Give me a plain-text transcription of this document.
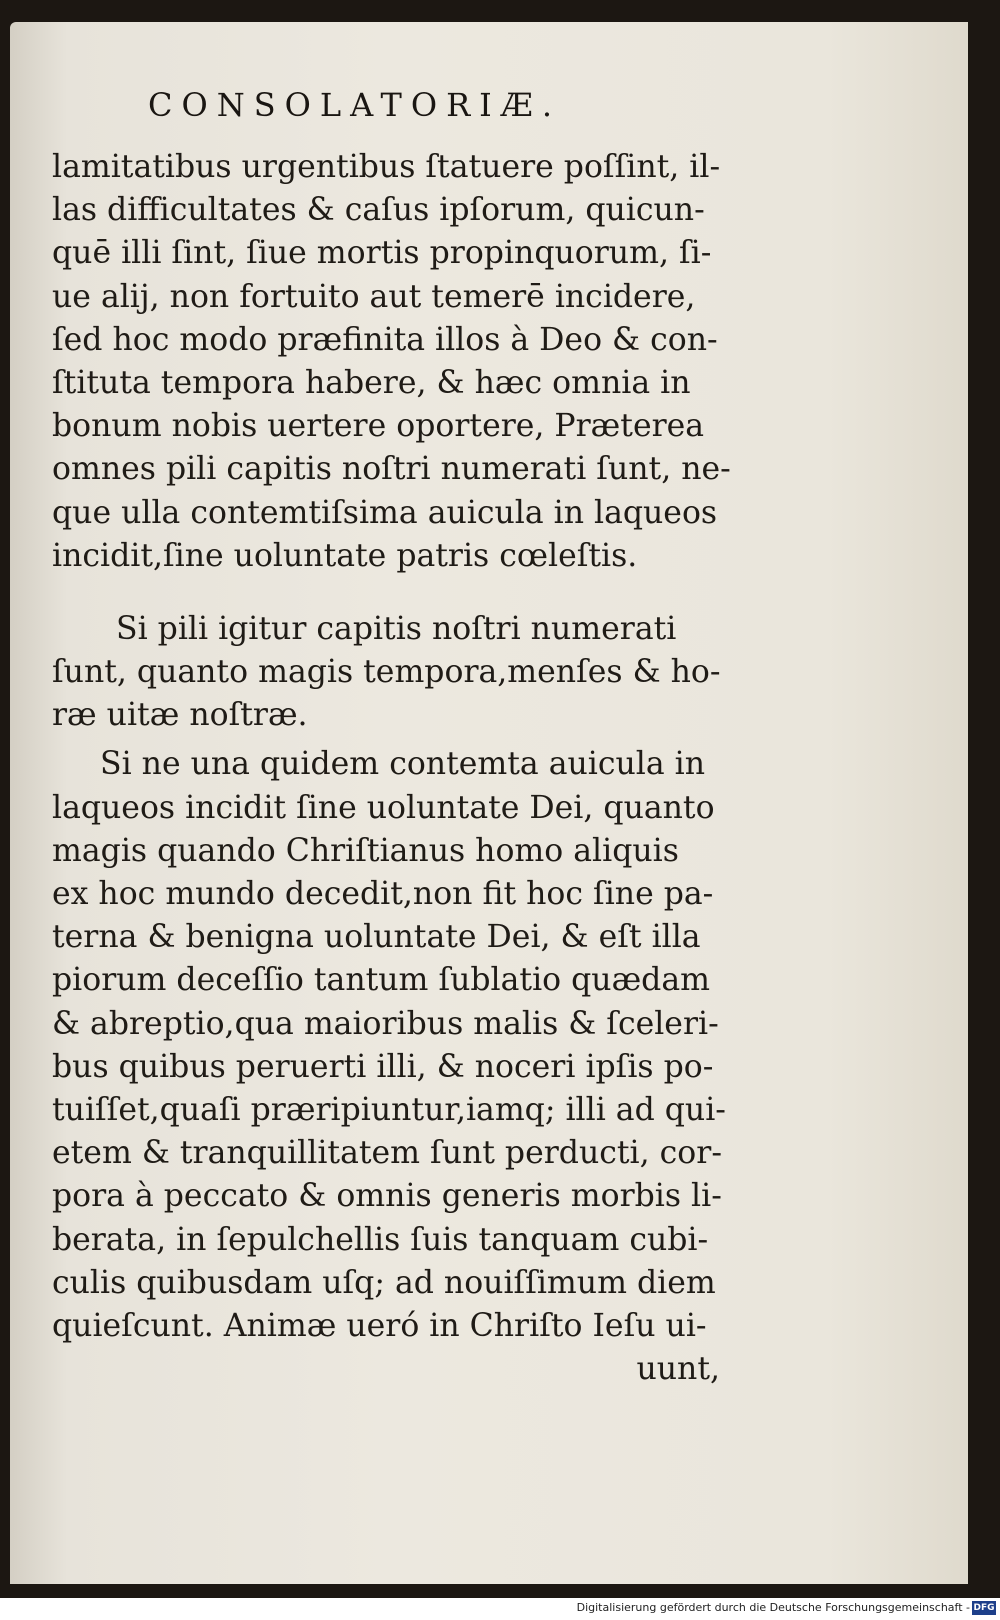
CONSOLATORIÆ.
lamitatibus urgentibus ſtatuere poſſint, il-
las difficultates & caſus ipſorum, quicun-
quē illi ſint, ſiue mortis propinquorum, ſi-
ue alij, non fortuito aut temerē incidere,
ſed hoc modo præfinita illos à Deo & con-
ſtituta tempora habere, & hæc omnia in
bonum nobis uertere oportere, Præterea
omnes pili capitis noſtri numerati ſunt, ne-
que ulla contemtiſsima auicula in laqueos
incidit,ſine uoluntate patris cœleſtis.
Si pili igitur capitis noſtri numerati
ſunt, quanto magis tempora,menſes & ho-
ræ uitæ noſtræ.
Si ne una quidem contemta auicula in
laqueos incidit ſine uoluntate Dei, quanto
magis quando Chriſtianus homo aliquis
ex hoc mundo decedit,non fit hoc ſine pa-
terna & benigna uoluntate Dei, & eſt illa
piorum deceſſio tantum ſublatio quædam
& abreptio,qua maioribus malis & ſceleri-
bus quibus peruerti illi, & noceri ipſis po-
tuiſſet,quaſi præripiuntur,iamq; illi ad qui-
etem & tranquillitatem ſunt perducti, cor-
pora à peccato & omnis generis morbis li-
berata, in ſepulchellis ſuis tanquam cubi-
culis quibusdam uſq; ad nouiſſimum diem
quieſcunt. Animæ ueró in Chriſto Ieſu ui-
uunt,
Digitalisierung gefördert durch die Deutsche Forschungsgemeinschaft - DFG
